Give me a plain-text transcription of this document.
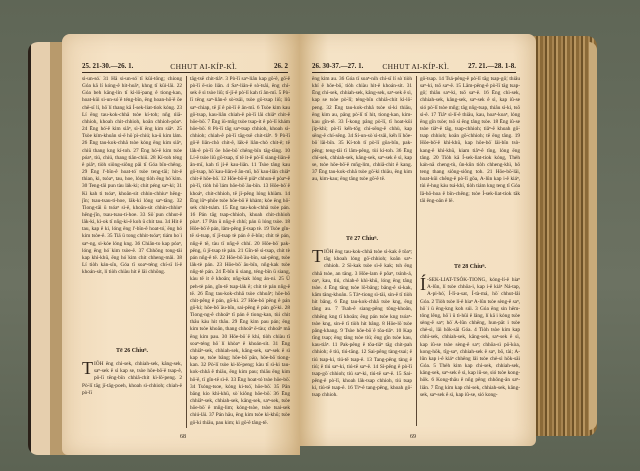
25. 21-30.—26. 1.	CHHUT AI-KÍP-KÌ.	26. 2

si-un-só͘. 31 Hā si-un-só͘ tī kūi-tōng; chiong Góa kā lí kóng-ê hit-hoāⁿ, khng tī kūi-lāi. 22 Góa beh kāng-lín tī kì-lō͘-pang ê tiong-kan, hoat-kūi si-un-só͘ ê téng-bīn, ēng hoan-hō͘-ê ōe chē-sī lí, hō͘ lí thang kā Í-sek-liat-tiok kóng. 23 Lí ēng tau-kok-chhâ tsòe kí-toh; nn̄g ńiā-chhioh, khoah chit-chhioh, koân chhioh-pòaⁿ. 24 Ēng hó͘-ê kim siâⁿ, sì-lí ēng kim siâⁿ. 25 Tsòe kím-khoân sì-ē hō͘ pì-chiú; ka-ū kim lám. 26 Ēng tau-kok-chhâ tsòe kóng ēng kim siâⁿ, chiū thang kng kí-toh. 27 Ēng hó͘-ê kim tsòe póaⁿ, tiú, chiú, thang tiân-chiū. 28 Kí-toh téng ê piâⁿ, tiòh siông-siông pâi tī Góa bīn-chêng. 29 Ēng l'-bīn-ê hoat-tó͘ tsòe teng-tāi; hit-ê thian, ki, tsóaⁿ, tau, hoe, lóng tiòh ēng hó͘ kim. 30 Teng-tāi pun tàu lák-ki; chit péng saⁿ-ki; 31 Ki kah ti tsóaⁿ, khoân-sit chhin-chhiuⁿ hēng-jîn; tsau-tsau-ti-hoe, lāk-ki lóng saⁿ-tāng. 32 Tiong-tāi ū tsóaⁿ sì-ê, khoân-sit chhin-chhiuⁿ hēng-jîn, tsau-tsau-ti-hoe. 33 Sō͘ pun chhut-ê lāk-ki, kì-ok tī nn̄g-ki-ê koh ū chit tau. 34 Hit ê tau, kap ê ki, lóng ēng l'-bīn-ê hoat-tó͘, ēng hó͘ kim tsòe-ê. 35 Tiā ū tong chhit-tsóaⁿ; tiám ho͘ i saⁿ-ng, si-kóe lóng kng. 36 Chiān-to kap póaⁿ, lóng ēng hó͘ kim tsòe-ê. 37 Chhōng tong-tāi kap khì-khū, ēng hó͘ kim chit chheng-mâi. 38 Lí tiòh kán-sīn, Góa tī soaⁿ-téng chí-sī lí-ê khoán-sit, lí tiòh chiàu hit ê lāi chhōng.

Tē 26 Chiuⁿ.

TIŌH ēng chì-sek, chhiah-sek, kâng-sek, saⁿ-sek ê sì kap se, tsòe hōe-bō͘-ê tsap-ê, pô-lī tēng-bīn chhiâ-chit kì-lō͘-peng. 2 Pò͘-lī tāg jī-tāg-poeh, khoah sì-chhioh; chiah-ê pò͘-lī

tāg-tsē chit-tiâⁿ. 3 Pò͘-lī saⁿ-liân kap gō͘-ê, gō͘-ê pò͘-lī ē-sio liân. 4 Saⁿ-liân-ê sò͘-tsâi, ēng chí-sek ê sì tsòe liû; tī-jī-ê pò͘-lī kah tī ân-mī. 5 Pò͘-lī tēng saⁿ-liân-ê sò͘-tsâi, tsòe gō͘-tsap liû; liû saⁿ-chiap, tē jī ê pò͘-lī ê ân-mī. 6 Tsòe kim kau gō͘-tsap, kau-liân chiah-ê pò͘-lī lâi chiâⁿ chit-ê hōe-bō͘. 7 Ēng iū-mn̄g tsòe tsap-it ê pò͘-lī khám hōe-bō͘. 8 Pò͘-lī tāg saⁿ-tsap chhioh, khoah sì-chhioh; chiah-ê pò͘-lī tāg-tsē chit-tiâⁿ. 9 Pò͘-lī gō͘-ê liân-chò chit-ê, lāk-ê liân-chò chit-ê; tē lāk-ê pò͘-lī ōe hōe-bō͘ chêng-bīn tāg-tāng. 10 Lí-ê tsòe liû gō͘-tsap, tī tē it-ê pò͘-lī siang-liân-ê ân-mī, kah tī ji-ê kau-liân. 11 Tsòe tâng kau gō͘-tsap, hō͘ kau-liân-ê ân-mī, hō͘ kau-liân chiâⁿ chit-ê hōe-bō͘. 12 Hōe-bō͘-ê piâⁿ chhun-ê pòaⁿ-ê pò͘-lī, tiòh hō͘ lám hōe-bō͘ āu-bīn. 13 Hōe-bō͘ ê khoáⁿ, chit-chhioh, tē jī-pêng lóng khiàm. 14 Ēng iûⁿ-phôe tsòe hōe-bō͘ ê khàm; kòe ēng hō͘-sek chit-tsàm. 15 Ēng tau-kok-chhâ tsòe pán. 16 Pán tāg tsap-chhioh, khoah chit-chhioh pòaⁿ. 17 Pán ū nn̄g-ê chhí; pán ū lóng tsòe. 18 Hōe-bō͘ ê pán, lâm-pêng jī-tsap tè. 19 Tsòe gîn-tē sì-tsap, tī jī-tsap tè pán ê ē-bīn; chit tè pán, nn̄g-ê tē, tàu tī nn̄g-ê chhí. 20 Hōe-bō͘ pak-pêng, ū jī-tsap tè pán. 21 Gîn-tē sì-tsap, chit tè pán nn̄g-ê tē. 22 Hōe-bō͘ āu-bīn, sai-pêng, tsòe lāk-tè pán. 23 Hōe-bō͘ āu-bīn, nn̄g-kak tsòe nn̄g-tè pán. 24 Ē-bīn ū siang, téng-bīn ū siang, kàu tē it ê khoân; nn̄g-kak lóng án-ni. 25 Ū peh-tè pán, gîn-tē tsap-lák ê; chit tè pán nn̄g-ê tē. 26 Ēng tau-kok-chhâ tsòe chhoâⁿ; hōe-bō͘ chit-pêng ê pán, gō͘-ki. 27 Hōe-bō͘ pêng ê pán gō͘-ki; hōe-bō͘ āu-bīn, sai-pêng ê pán gō͘-ki. 28 Tiong-ng-ê chhoâⁿ tī pán ê tiong-kan, tùi chit thâu kàu hit thâu. 29 Ēng kim pau pán; ēng kim tsòe khoân, thang chhoâⁿ ē-tàu; chhoâⁿ mā ēng kim pau. 30 Hōe-bō͘ ē khí, tiòh chiàu tī soaⁿ-téng hō͘ lí khòaⁿ ê khoán-sit. 31 Ēng chhiâⁿ-sek, chhiah-sek, kâng-sek, saⁿ-sek ê sì kap se, tsòe bâng; hōe-bō͘ pān, hōe-bō͘ tiong-kan. 32 Pò͘-lī tsòe ki-lō͘-peng; kàu tī sì-ki tau-kok-chhâ ê thiāu, ēng kim pau; thiāu ēng kim hō͘-ê, tī gîn-tē sì-ê. 33 Ēng hoat-tó͘ tsòe hōe-bō͘. 34 Tsóng-tsoe, kóng ki-tsó͘, hōe-bō͘. 35 Pān bāng kio khì-khū, sò͘ kiông hōe-bō͘. 36 Ēng chhiâⁿ-sek, chhiah-sek, kâng-sek, saⁿ-sek, tsòe hōe-bō͘ ê mn̄g-lim; kóng-tsòe, tsòe tsai-sek chiú-lāi. 37 Pán hāu, ēng kim tsòe kì-khū; tsòe gō͘-ki thiāu, pau kim; kì gō͘-ê tâng-tē.

68
26. 30-37.—27. 1.	CHHUT AI-KÍP-KÌ.	27. 21.—28. 1-8.

ēng kim au. 36 Góa tī soaⁿ-nih chí-sī lí sò͘ tiòh khí ê hōe-bō͘, tiòh chiàu hit-ê khoán-sit. 31 Ēng chí-sek, chhiah-sek, kâng-sek, saⁿ-sek ê sì, kap se tsòe pò͘-lī; téng-bīn chhiâ-chit kì-lō͘-peng. 32 Ēng tau-kok-chhâ tsòe sì-ki thiāu, ēng kim au, pâng pò͘-lī tī hit, tiong-kan, kim-kau gîn-tē. 33 Í-kong pâng pò͘-lī, tī hoat-kūi jīp-khì; pò͘-lī kéh-tōg chí-sēng-ê chhù, kap sēng-ê chí-sēng. 34 Sí-un-sò͘ sì-tsâi, kéh lī hōe-bō͘ lāi-bīn. 35 Kí-toh tī pò͘-lī gōa-bīn, pak-pêng; teng-tāi tī lâm-pêng, tùi kí-toh. 36 Ēng chí-sek, chhiah-sek, kâng-sek, saⁿ-sek ê sì, kap se, tsòe hōe-bō͘-ê mn̄g-lim, chhiâ-chit ê kang. 37 Ēng tau-kok-chhâ tsòe gō͘-ki thiāu, ēng kim au, kim-kau; ēng tâng tsòe gō͘-ê tē.

Tē 27 Chiuⁿ.

TIŌH ēng tau-kok-chhâ tsòe sì-kak ê tōaⁿ; tāg khoah lóng gō͘-chhioh; koân saⁿ-chhioh. 2 Sì-kak tsòe sì-ê kak; tsh ēng chhâ tsòe, an tâng. 3 Hōe-lam ê pôaⁿ, tsình-á, oaⁿ, kau, tiú, chiah-ê khì-khū, lóng ēng tâng tsòe. 4 Ēng tâng tsòe lō͘-bâng; bâng-ê sì-kak, kâm tâng-khoân. 5 Tàⁿ-tiong sì-tāi, sin-ê tī tiòh hit bâng. 6 Ēng tau-kok-chhâ tsòe kng, ēng tâng au. 7 Tsah-ê siang-pêng tōng-khoân, chhēng kng tī khoân; ēng pán tsòe kng tsóaⁿ-tsòe kng, sin-ê tī tiòh hit bâng. 8 Hōe-lō͘ tsòe pâng-khang. 9 Tsòe hōe-bō͘ ê tōa-tiâⁿ. 10 Kap tīng tsap; ēng tâng tsòe tiú; ēng gîn tsòe kau, kau-tiâⁿ. 11 Pak-pêng ê tōa-tiâⁿ tāg chit-pah chhioh; ê tiú, tiú-tāng. 12 Sai-pêng tàng-tsai; ê tiú tsap-ki, tiú-tē tsap-ê. 13 Tang-pêng tàng ê tiú; ê tiú saⁿ-ki, tiú-tē saⁿ-ê. 14 Sí-pêng ê pò͘-lī tsap-gō͘ chhioh; tiú saⁿ-ki, tiú-tē saⁿ-ê. 15 Sai-pêng-ê pò͘-lī, khoah lāk-tsap chhioh, tiú tsap ki, tiú-tē tsap-ê. 16 Tiⁿ-ê tang-pêng, khoah gō͘-tsap chhioh.

gō͘-tsap. 14 Tsá-pêng-ê pò͘-lī tāg tsap-gō͘; thiâu saⁿ-ki, tsō saⁿ-ê. 15 Lâm-pêng-ê pò͘-lī tāg tsap-gō͘; thiâu saⁿ-ki, tsō saⁿ-ê. 16 Ēng chì-sek, chhiah-sek, kâng-sek, saⁿ-sek ê sì, kap iû-se sió pò͘-lī tsòe mn̄g; tāg nn̄g-tsap, thiâu sì-ki, tsō sì-ê. 17 Tiâⁿ sì-lī-ê thiâu, kau, hoaⁿ-koaⁿ, lóng ēng gîn tsòe; tsō sì ēng tâng tsòe. 18 Ēng iû-se tsòe tiâⁿ-ê tāg, tsap-chhioh; tiâⁿ-ê khoah gō͘-tsap chhioh; koân gō͘-chhioh; tē ēng tâng. 19 Hōe-bō͘-ê khì-khū, kap hōe-bō͘ lāi-bīn tsò-kang-ê khì-khū, kiam tiâⁿ-ê tīng, lóng ēng tâng. 20 Tiòh kā Í-sek-liat-tiok kóng, Thèh ka̍n-nā cheng-tù, ûn-kûn tiòh chheng-khì, hō͘ teng thang siông-siông toh. 21 Hōe-bō͘-lāi, hoat-kūi chêng-ê pò͘-lī gōa, A-lûn kap i-ê kiáⁿ, tùi ê-hng kàu tsá-khí, tiòh tiám kng teng tī Góa Iâ-hō-hoa ê bīn-chêng; tsòe Í-sek-liat-tiok tāk tāi êng-oân ê lē.

Tē 28 Chiuⁿ.

Í -SEK-LIAT-TSÓK-TIONG, kóng-lí-ê hiaⁿ A-lûn, lí tsòe chhōa-i, kap i-ê kiáⁿ Ná-tap, A-pi-hó͘, Í-lî-a-sat, Í-tà-má, hō͘ chhut-lâi Góa. 2 Tiòh tsòe lí-ê hiaⁿ A-lûn tsòe sèng-ê saⁿ, hō͘ i ū êng-kng koh súi. 3 Góa ēng sin hēm-tông lêng, hō͘ i ū tì-hūi ê lâng, lí kā i kóng tsòe sèng-ê saⁿ; hō͘ A-lûn chhēng, hun-pāt i tsòe chè-sì, lâi hōk-sāi Góa. 4 Tiòh tsòe kim kap chhì-sek, chhiah-sek, kâng-sek, saⁿ-sek ê sì, kap iû-se tsòe sèng-ê saⁿ; chhōa-sì pō͘-kòa, kong-hōk, tîg-saⁿ, chhiah-sek ê saⁿ, bō, tài; A-lûn kap i-ê kiáⁿ chhēng lâi tsòe chè-sì hōk-sāi Góa. 5 Thèh kim kap chì-sek, chhiah-sek, kâng-sek, saⁿ-sek ê sì, kap iû-se, sió tsòe kong-hōk. 6 Kong-thâu ê nn̄g pêng chhōng-ân saⁿ-liân. 7 Ēng kim kap chì-sek, chhiah-sek, kâng-sek, saⁿ-sek ê sì, kap iû-se, sió kong-

69
